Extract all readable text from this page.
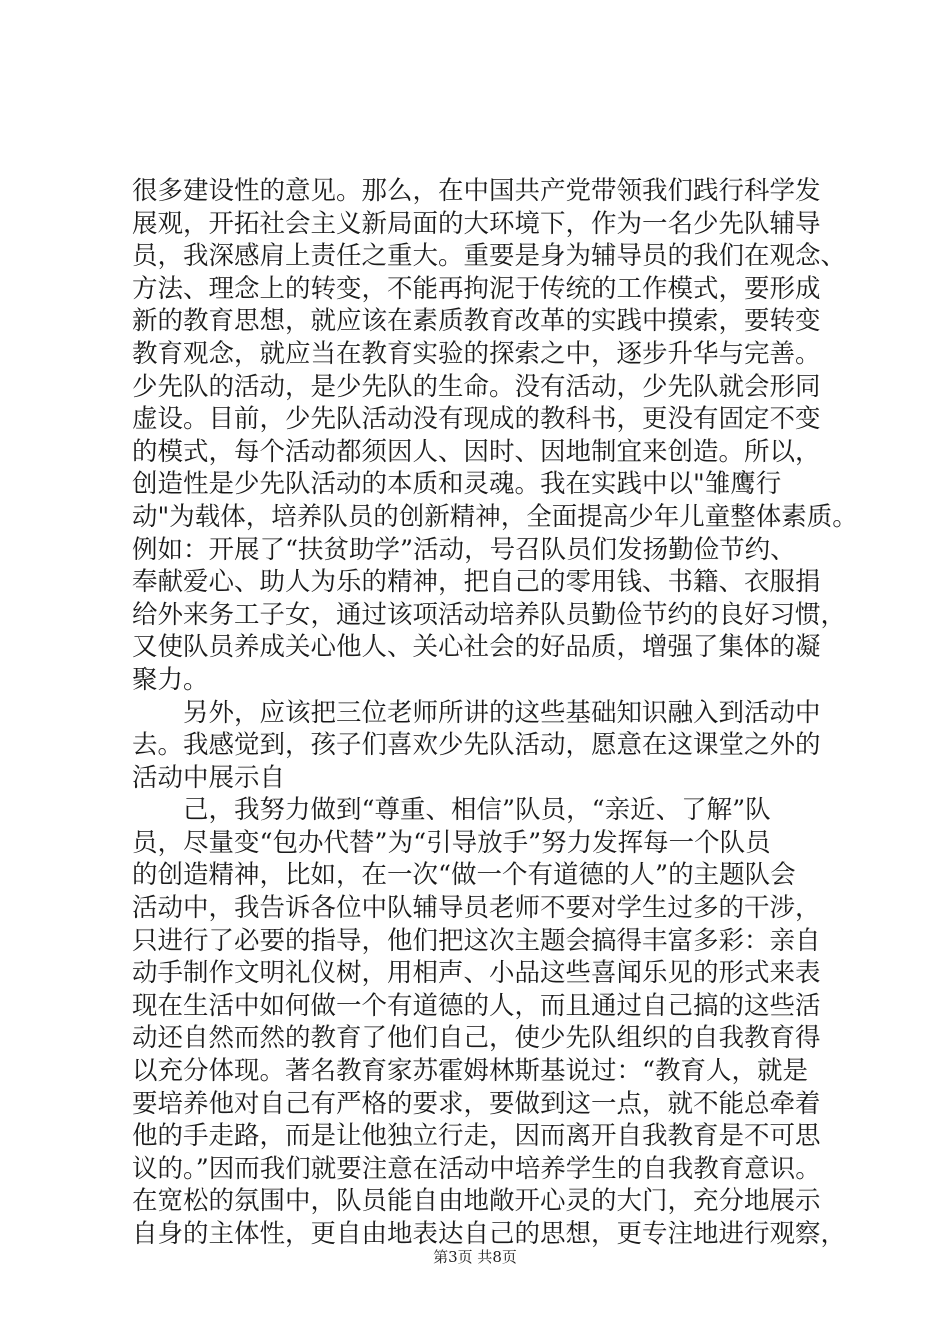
很多建设性的意见。那么，在中国共产党带领我们践行科学发
展观，开拓社会主义新局面的大环境下，作为一名少先队辅导
员，我深感肩上责任之重大。重要是身为辅导员的我们在观念、
方法、理念上的转变，不能再拘泥于传统的工作模式，要形成
新的教育思想，就应该在素质教育改革的实践中摸索，要转变
教育观念，就应当在教育实验的探索之中，逐步升华与完善。
少先队的活动，是少先队的生命。没有活动，少先队就会形同
虚设。目前，少先队活动没有现成的教科书，更没有固定不变
的模式，每个活动都须因人、因时、因地制宜来创造。所以，
创造性是少先队活动的本质和灵魂。我在实践中以"雏鹰行
动"为载体，培养队员的创新精神，全面提高少年儿童整体素质。
例如：开展了“扶贫助学”活动，号召队员们发扬勤俭节约、
奉献爱心、助人为乐的精神，把自己的零用钱、书籍、衣服捐
给外来务工子女，通过该项活动培养队员勤俭节约的良好习惯，
又使队员养成关心他人、关心社会的好品质，增强了集体的凝
聚力。
　　另外，应该把三位老师所讲的这些基础知识融入到活动中
去。我感觉到，孩子们喜欢少先队活动，愿意在这课堂之外的
活动中展示自
　　己，我努力做到“尊重、相信”队员，“亲近、了解”队
员，尽量变“包办代替”为“引导放手”努力发挥每一个队员
的创造精神，比如，在一次“做一个有道德的人”的主题队会
活动中，我告诉各位中队辅导员老师不要对学生过多的干涉，
只进行了必要的指导，他们把这次主题会搞得丰富多彩：亲自
动手制作文明礼仪树，用相声、小品这些喜闻乐见的形式来表
现在生活中如何做一个有道德的人，而且通过自己搞的这些活
动还自然而然的教育了他们自己，使少先队组织的自我教育得
以充分体现。著名教育家苏霍姆林斯基说过：“教育人，就是
要培养他对自己有严格的要求，要做到这一点，就不能总牵着
他的手走路，而是让他独立行走，因而离开自我教育是不可思
议的。”因而我们就要注意在活动中培养学生的自我教育意识。
在宽松的氛围中，队员能自由地敞开心灵的大门，充分地展示
自身的主体性，更自由地表达自己的思想，更专注地进行观察，
第3页 共8页
